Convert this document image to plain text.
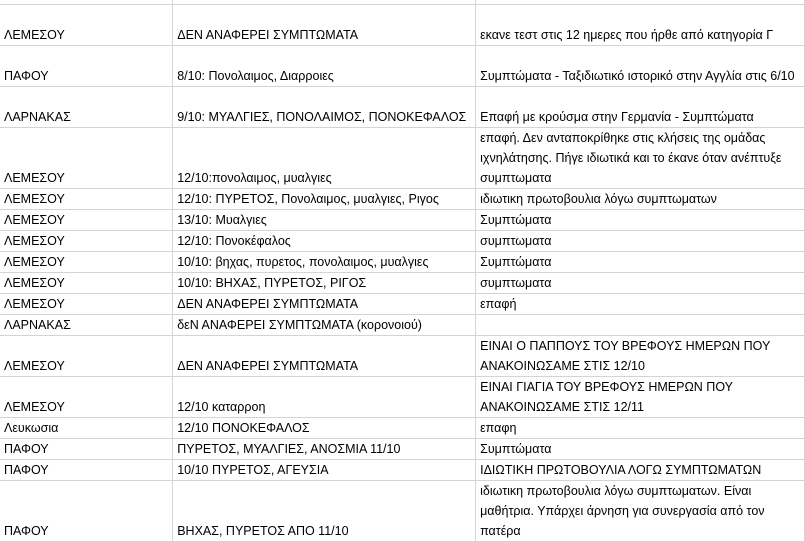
ΛΕΜΕΣΟΥ	ΔΕΝ ΑΝΑΦΕΡΕΙ ΣΥΜΠΤΩΜΑΤΑ	εκανε τεστ στις 12 ημερες που ήρθε από κατηγορία Γ
ΠΑΦΟΥ	8/10: Πονολαιμος, Διαρροιες	Συμπτώματα - Ταξιδιωτικό ιστορικό στην Αγγλία στις 6/10
ΛΑΡΝΑΚΑΣ	9/10: ΜΥΑΛΓΙΕΣ, ΠΟΝΟΛΑΙΜΟΣ, ΠΟΝΟΚΕΦΑΛΟΣ	Επαφή με κρούσμα στην Γερμανία - Συμπτώματα
ΛΕΜΕΣΟΥ	12/10:πονολαιμος, μυαλγιες	επαφή. Δεν ανταποκρίθηκε στις κλήσεις της ομάδας ιχνηλάτησης. Πήγε ιδιωτικά και το έκανε όταν ανέπτυξε συμπτωματα
ΛΕΜΕΣΟΥ	12/10: ΠΥΡΕΤΟΣ, Πονολαιμος, μυαλγιες, Ριγος	ιδιωτικη πρωτοβουλια λόγω συμπτωματων
ΛΕΜΕΣΟΥ	13/10: Μυαλγιες	Συμπτώματα
ΛΕΜΕΣΟΥ	12/10: Πονοκέφαλος	συμπτωματα
ΛΕΜΕΣΟΥ	10/10: βηχας, πυρετος, πονολαιμος, μυαλγιες	Συμπτώματα
ΛΕΜΕΣΟΥ	10/10: ΒΗΧΑΣ, ΠΥΡΕΤΟΣ, ΡΙΓΟΣ	συμπτωματα
ΛΕΜΕΣΟΥ	ΔΕΝ ΑΝΑΦΕΡΕΙ ΣΥΜΠΤΩΜΑΤΑ	επαφή
ΛΑΡΝΑΚΑΣ	δεΝ ΑΝΑΦΕΡΕΙ ΣΥΜΠΤΩΜΑΤΑ (κορονοιού)	
ΛΕΜΕΣΟΥ	ΔΕΝ ΑΝΑΦΕΡΕΙ ΣΥΜΠΤΩΜΑΤΑ	ΕΙΝΑΙ Ο ΠΑΠΠΟΥΣ ΤΟΥ ΒΡΕΦΟΥΣ ΗΜΕΡΩΝ ΠΟΥ ΑΝΑΚΟΙΝΩΣΑΜΕ ΣΤΙΣ 12/10
ΛΕΜΕΣΟΥ	12/10 καταρροη	ΕΙΝΑΙ ΓΙΑΓΙΑ ΤΟΥ ΒΡΕΦΟΥΣ ΗΜΕΡΩΝ ΠΟΥ ΑΝΑΚΟΙΝΩΣΑΜΕ ΣΤΙΣ 12/11
Λευκωσια	12/10 ΠΟΝΟΚΕΦΑΛΟΣ	επαφη
ΠΑΦΟΥ	ΠΥΡΕΤΟΣ, ΜΥΑΛΓΙΕΣ, ΑΝΟΣΜΙΑ 11/10	Συμπτώματα
ΠΑΦΟΥ	10/10 ΠΥΡΕΤΟΣ, ΑΓΕΥΣΙΑ	ΙΔΙΩΤΙΚΗ ΠΡΩΤΟΒΟΥΛΙΑ ΛΟΓΩ ΣΥΜΠΤΩΜΑΤΩΝ
ΠΑΦΟΥ	ΒΗΧΑΣ, ΠΥΡΕΤΟΣ ΑΠΟ 11/10	ιδιωτικη πρωτοβουλια λόγω συμπτωματων. Είναι μαθήτρια. Υπάρχει άρνηση για συνεργασία από τον πατέρα
